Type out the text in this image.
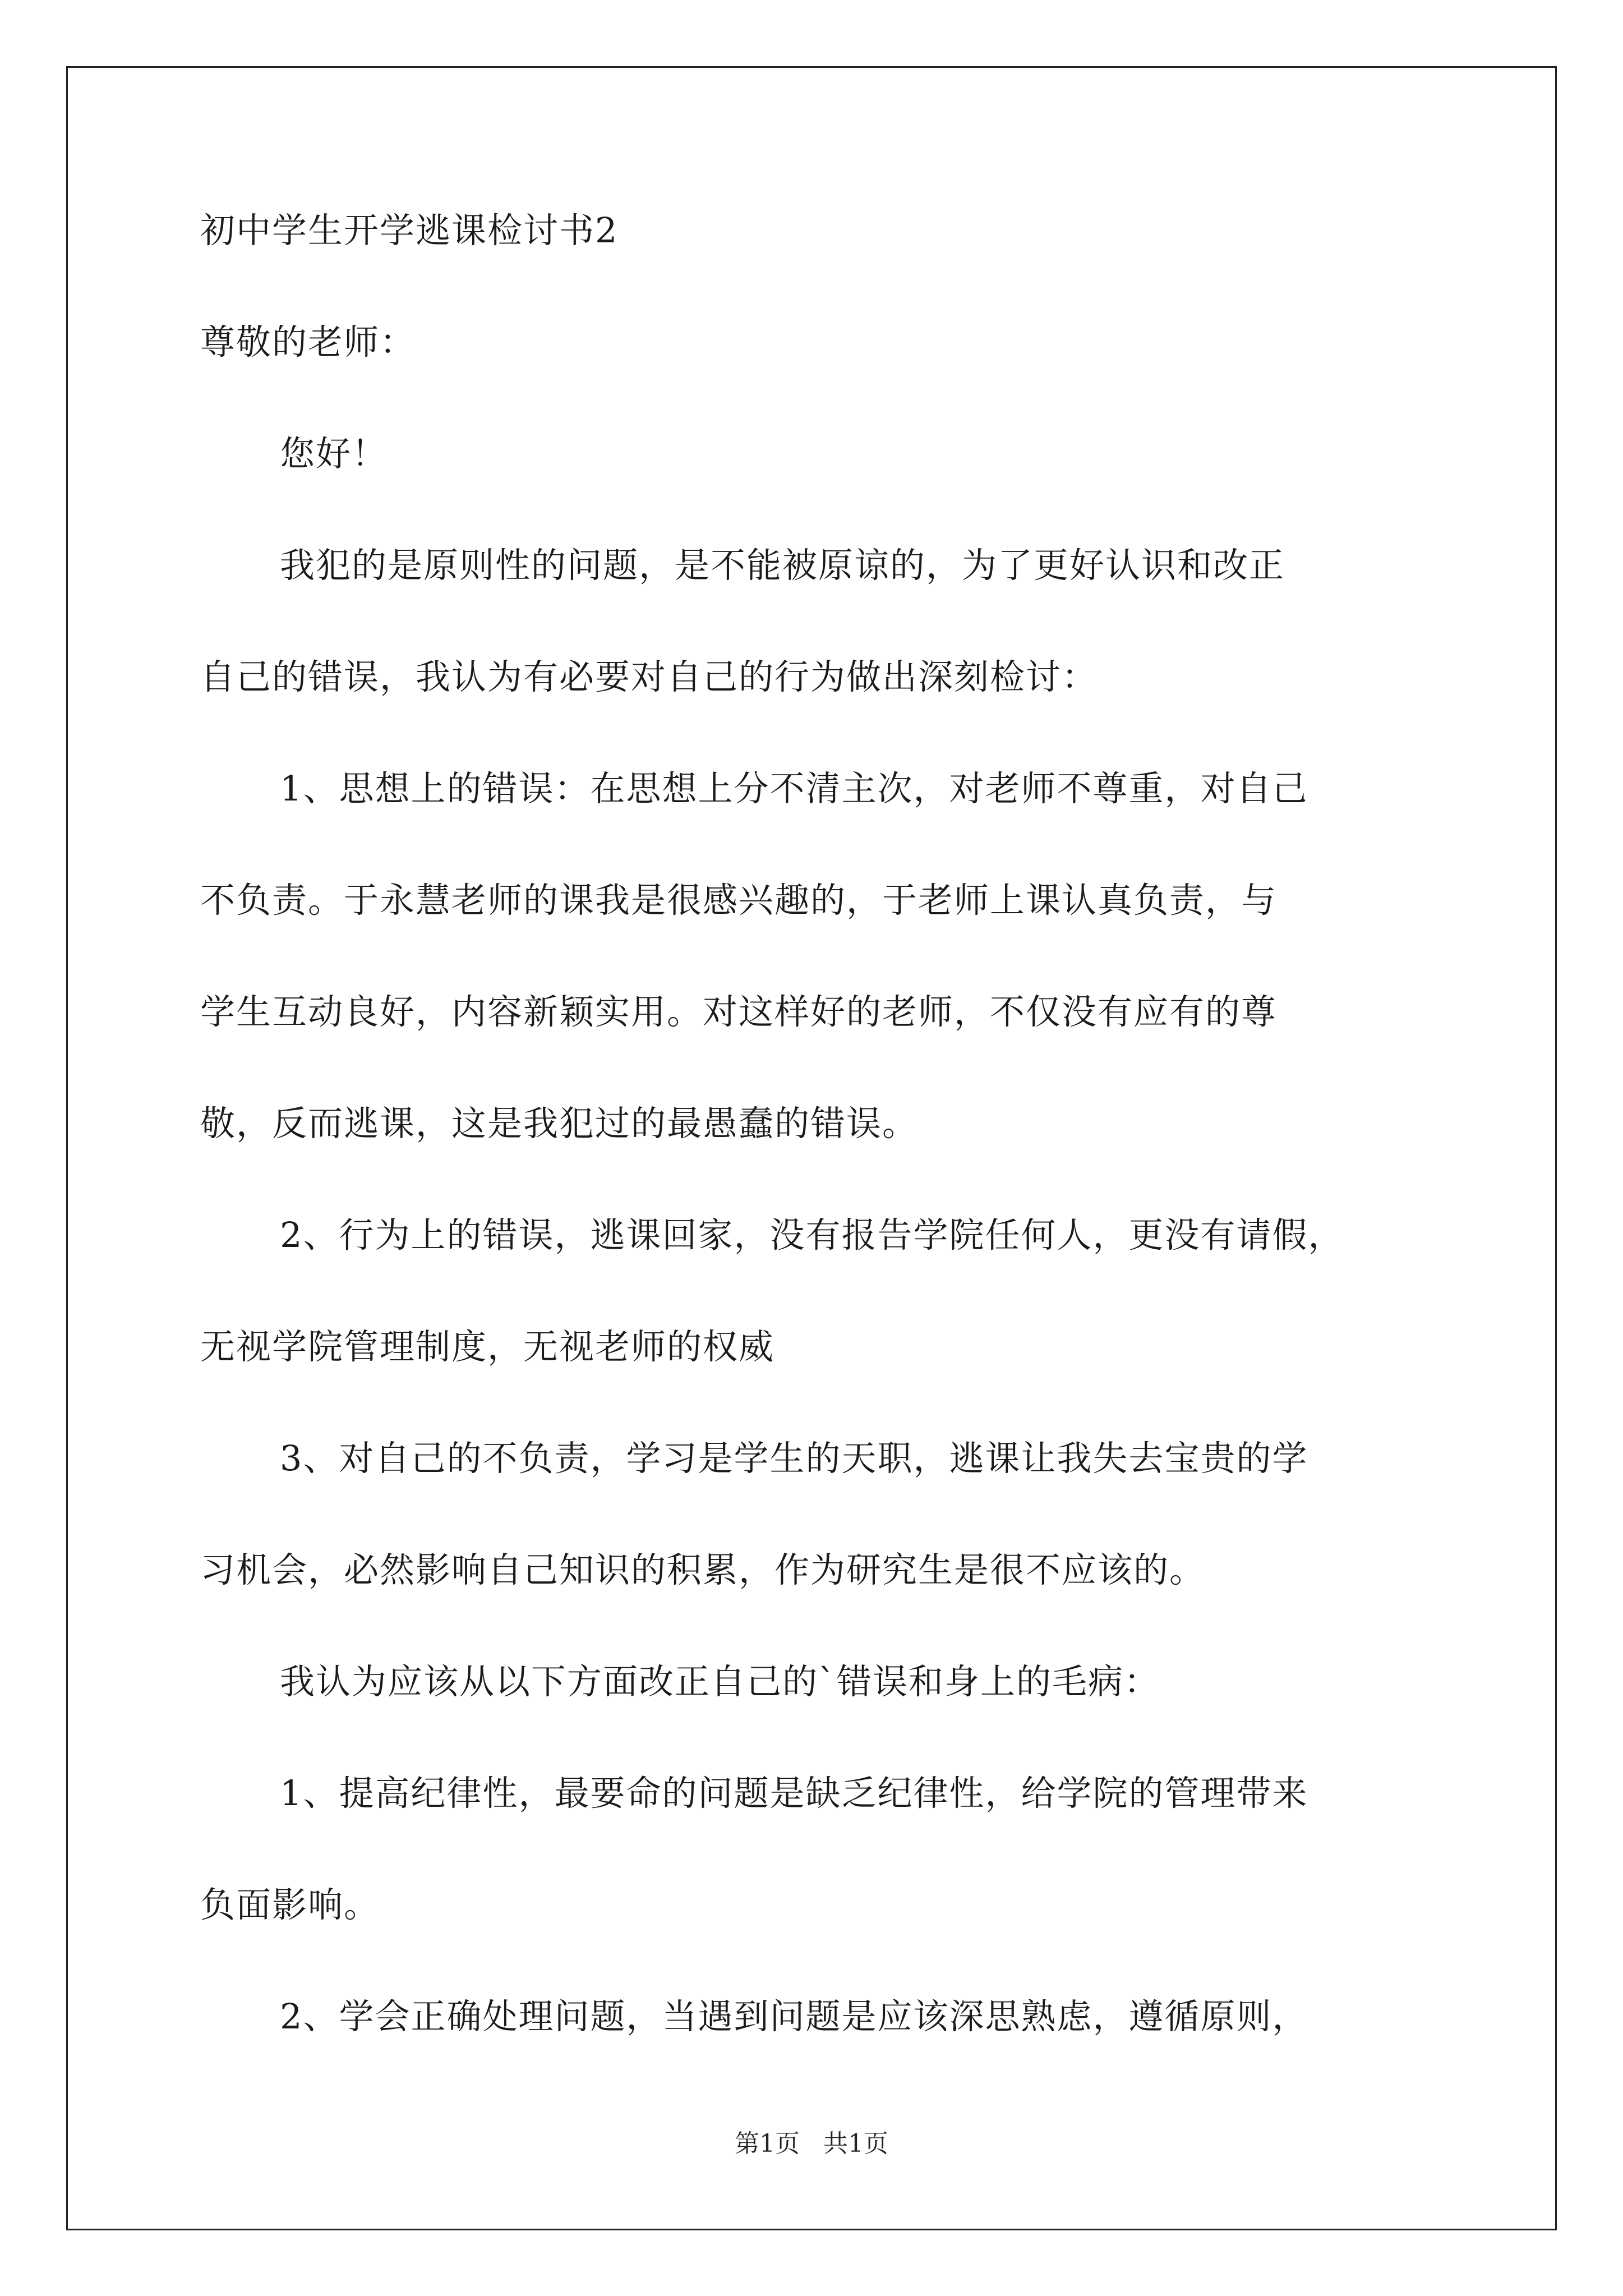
初中学生开学逃课检讨书2
尊敬的老师：
您好！
我犯的是原则性的问题，是不能被原谅的，为了更好认识和改正
自己的错误，我认为有必要对自己的行为做出深刻检讨：
1、思想上的错误：在思想上分不清主次，对老师不尊重，对自己
不负责。于永慧老师的课我是很感兴趣的，于老师上课认真负责，与
学生互动良好，内容新颖实用。对这样好的老师，不仅没有应有的尊
敬，反而逃课，这是我犯过的最愚蠢的错误。
2、行为上的错误，逃课回家，没有报告学院任何人，更没有请假，
无视学院管理制度，无视老师的权威
3、对自己的不负责，学习是学生的天职，逃课让我失去宝贵的学
习机会，必然影响自己知识的积累，作为研究生是很不应该的。
我认为应该从以下方面改正自己的`错误和身上的毛病：
1、提高纪律性，最要命的问题是缺乏纪律性，给学院的管理带来
负面影响。
2、学会正确处理问题，当遇到问题是应该深思熟虑，遵循原则，
第1页 共1页
